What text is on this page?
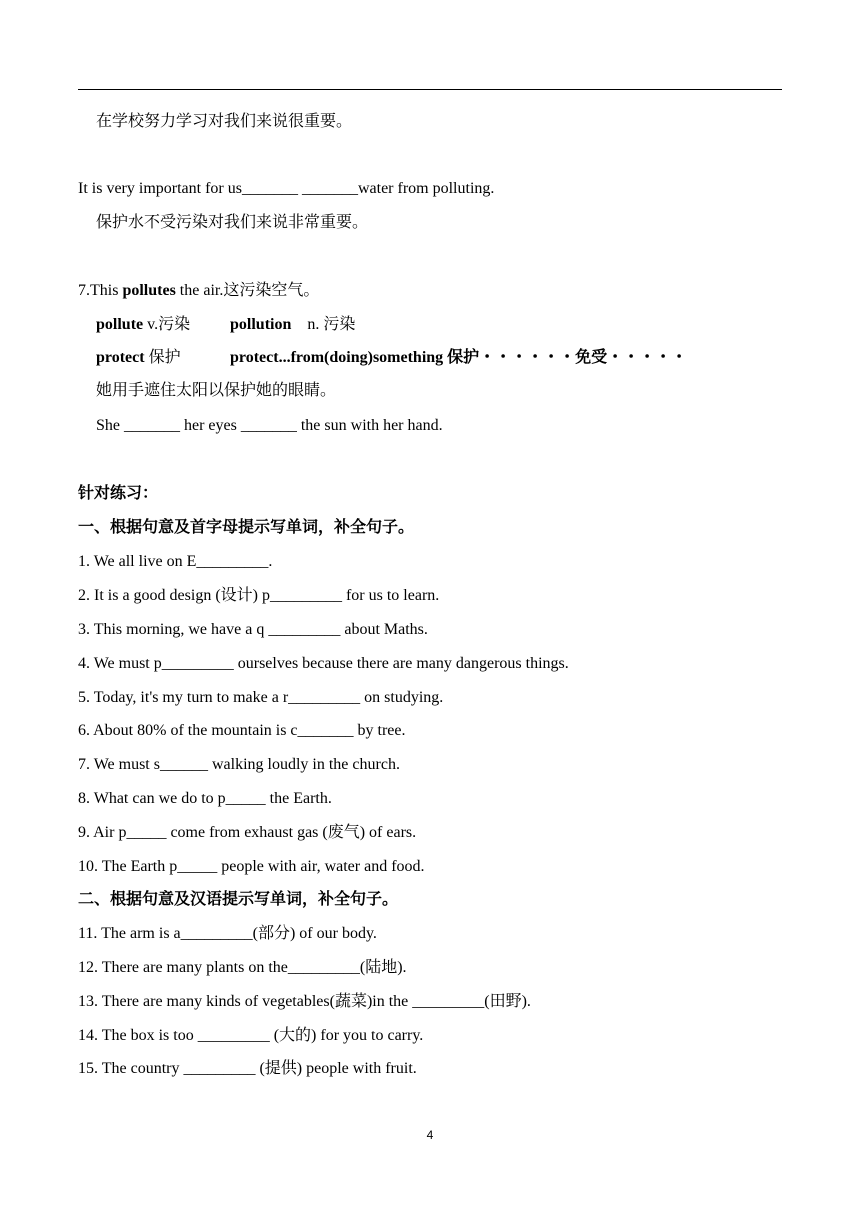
在学校努力学习对我们来说很重要。
It is very important for us_______ _______water from polluting.
保护水不受污染对我们来说非常重要。
7.This pollutes the air.这污染空气。
pollute v.污染 pollution n. 污染
protect 保护	protect...from(doing)something 保护・・・・・・免受・・・・・
她用手遮住太阳以保护她的眼睛。
She _______ her eyes _______ the sun with her hand.
针对练习：
一、根据句意及首字母提示写单词，补全句子。
1. We all live on E_________.
2. It is a good design (设计) p_________ for us to learn.
3. This morning, we have a q _________ about Maths.
4. We must p_________ ourselves because there are many dangerous things.
5. Today, it's my turn to make a r_________ on studying.
6. About 80% of the mountain is c_______ by tree.
7. We must s______ walking loudly in the church.
8. What can we do to p_____ the Earth.
9. Air p_____ come from exhaust gas (废气) of ears.
10. The Earth p_____ people with air, water and food.
二、根据句意及汉语提示写单词，补全句子。
11. The arm is a_________(部分) of our body.
12. There are many plants on the_________(陆地).
13. There are many kinds of vegetables(蔬菜)in the _________(田野).
14. The box is too _________ (大的) for you to carry.
15. The country _________ (提供) people with fruit.
4
